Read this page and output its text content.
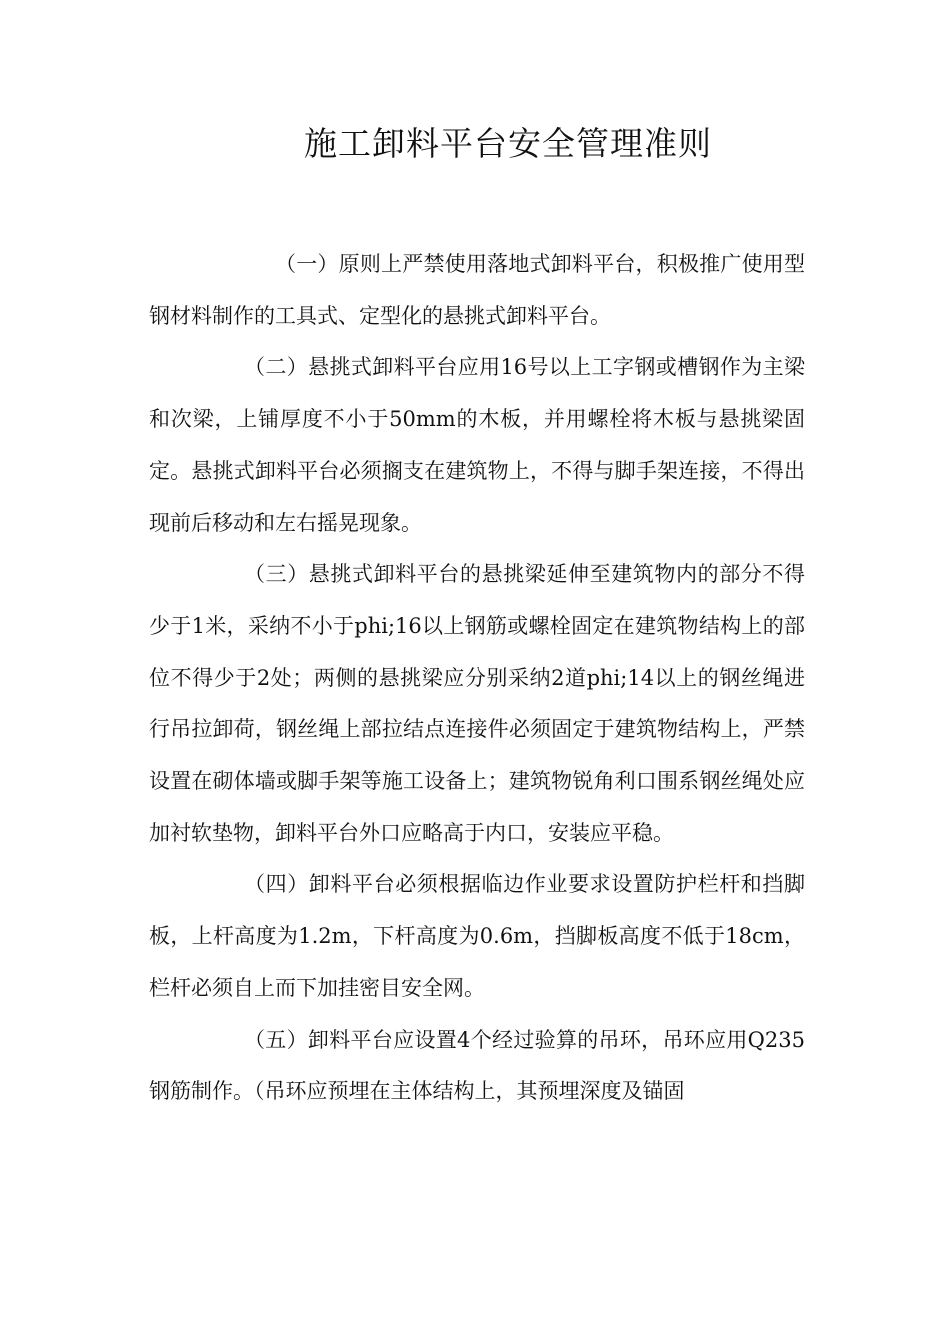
施工卸料平台安全管理准则

（一）原则上严禁使用落地式卸料平台，积极推广使用型钢材料制作的工具式、定型化的悬挑式卸料平台。

（二）悬挑式卸料平台应用16号以上工字钢或槽钢作为主梁和次梁，上铺厚度不小于50mm的木板，并用螺栓将木板与悬挑梁固定。悬挑式卸料平台必须搁支在建筑物上，不得与脚手架连接，不得出现前后移动和左右摇晃现象。

（三）悬挑式卸料平台的悬挑梁延伸至建筑物内的部分不得少于1米，采纳不小于phi;16以上钢筋或螺栓固定在建筑物结构上的部位不得少于2处；两侧的悬挑梁应分别采纳2道phi;14以上的钢丝绳进行吊拉卸荷，钢丝绳上部拉结点连接件必须固定于建筑物结构上，严禁设置在砌体墙或脚手架等施工设备上；建筑物锐角利口围系钢丝绳处应加衬软垫物，卸料平台外口应略高于内口，安装应平稳。

（四）卸料平台必须根据临边作业要求设置防护栏杆和挡脚板，上杆高度为1.2m，下杆高度为0.6m，挡脚板高度不低于18cm，栏杆必须自上而下加挂密目安全网。

（五）卸料平台应设置4个经过验算的吊环，吊环应用Q235钢筋制作。（吊环应预埋在主体结构上，其预埋深度及锚固
